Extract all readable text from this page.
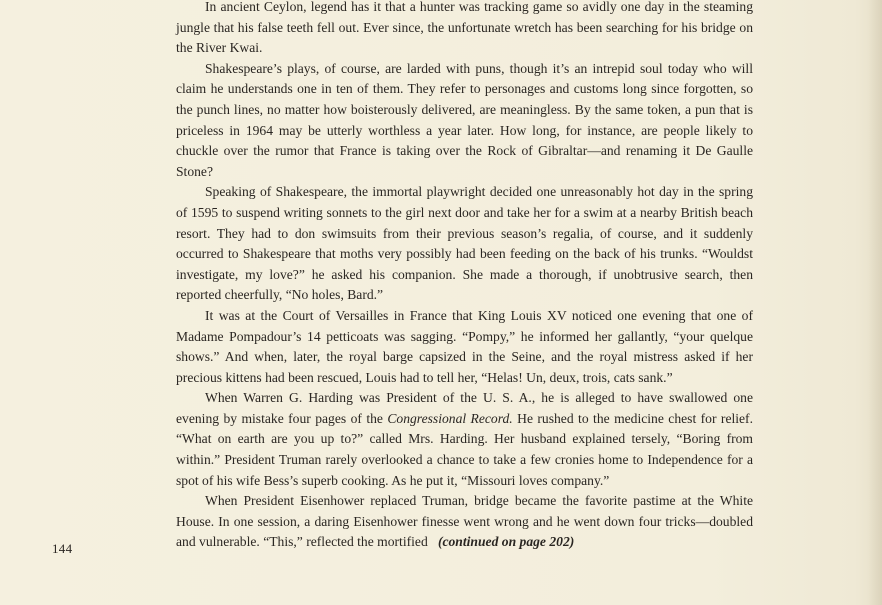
In ancient Ceylon, legend has it that a hunter was tracking game so avidly one day in the steaming jungle that his false teeth fell out. Ever since, the unfortunate wretch has been searching for his bridge on the River Kwai.

Shakespeare’s plays, of course, are larded with puns, though it’s an intrepid soul today who will claim he understands one in ten of them. They refer to personages and customs long since forgotten, so the punch lines, no matter how boisterously delivered, are meaningless. By the same token, a pun that is priceless in 1964 may be utterly worthless a year later. How long, for instance, are people likely to chuckle over the rumor that France is taking over the Rock of Gibraltar—and renaming it De Gaulle Stone?

Speaking of Shakespeare, the immortal playwright decided one unreasonably hot day in the spring of 1595 to suspend writing sonnets to the girl next door and take her for a swim at a nearby British beach resort. They had to don swimsuits from their previous season’s regalia, of course, and it suddenly occurred to Shakespeare that moths very possibly had been feeding on the back of his trunks. “Wouldst investigate, my love?” he asked his companion. She made a thorough, if unobtrusive search, then reported cheerfully, “No holes, Bard.”

It was at the Court of Versailles in France that King Louis XV noticed one evening that one of Madame Pompadour’s 14 petticoats was sagging. “Pompy,” he informed her gallantly, “your quelque shows.” And when, later, the royal barge capsized in the Seine, and the royal mistress asked if her precious kittens had been rescued, Louis had to tell her, “Helas! Un, deux, trois, cats sank.”

When Warren G. Harding was President of the U. S. A., he is alleged to have swallowed one evening by mistake four pages of the Congressional Record. He rushed to the medicine chest for relief. “What on earth are you up to?” called Mrs. Harding. Her husband explained tersely, “Boring from within.” President Truman rarely overlooked a chance to take a few cronies home to Independence for a spot of his wife Bess’s superb cooking. As he put it, “Missouri loves company.”

When President Eisenhower replaced Truman, bridge became the favorite pastime at the White House. In one session, a daring Eisenhower finesse went wrong and he went down four tricks—doubled and vulnerable. “This,” reflected the mortified   (continued on page 202)

144
